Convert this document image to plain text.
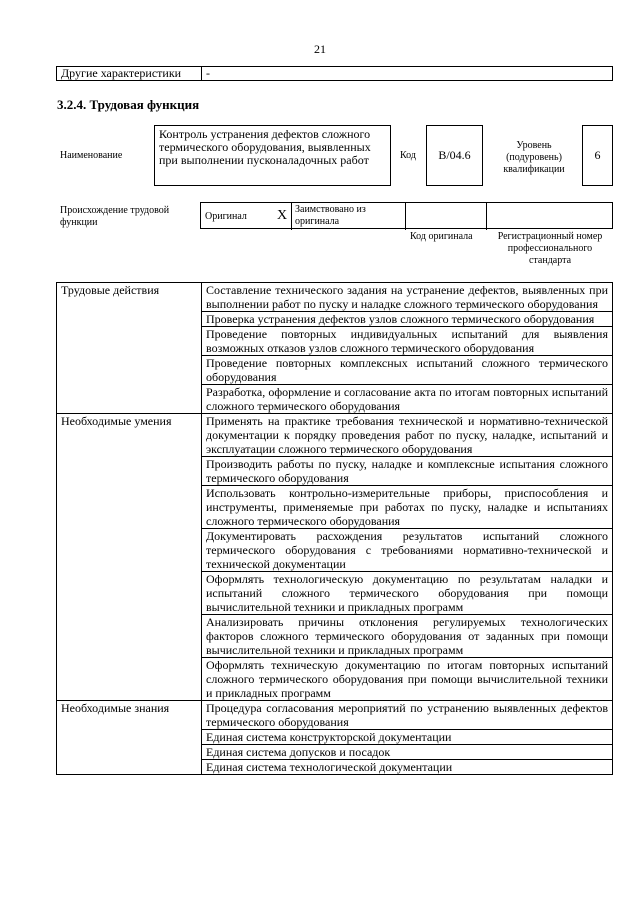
21
Другие характеристики	-
3.2.4. Трудовая функция
Наименование
Контроль устранения дефектов сложного термического оборудования, выявленных при выполнении пусконаладочных работ	Код В/04.6
Уровень (подуровень) квалификации
6
Происхождение трудовой функции
Оригинал X Заимствовано из оригинала
Код оригинала	Регистрационный номер профессионального стандарта
Трудовые действия	Составление технического задания на устранение дефектов, выявленных при выполнении работ по пуску и наладке сложного термического оборудования
	Проверка устранения дефектов узлов сложного термического оборудования
	Проведение повторных индивидуальных испытаний для выявления возможных отказов узлов сложного термического оборудования
	Проведение повторных комплексных испытаний сложного термического оборудования
	Разработка, оформление и согласование акта по итогам повторных испытаний сложного термического оборудования
Необходимые умения	Применять на практике требования технической и нормативно-технической документации к порядку проведения работ по пуску, наладке, испытаний и эксплуатации сложного термического оборудования
	Производить работы по пуску, наладке и комплексные испытания сложного термического оборудования
	Использовать контрольно-измерительные приборы, приспособления и инструменты, применяемые при работах по пуску, наладке и испытаниях сложного термического оборудования
	Документировать расхождения результатов испытаний сложного термического оборудования с требованиями нормативно-технической и технической документации
	Оформлять технологическую документацию по результатам наладки и испытаний сложного термического оборудования при помощи вычислительной техники и прикладных программ
	Анализировать причины отклонения регулируемых технологических факторов сложного термического оборудования от заданных при помощи вычислительной техники и прикладных программ
	Оформлять техническую документацию по итогам повторных испытаний сложного термического оборудования при помощи вычислительной техники и прикладных программ
Необходимые знания	Процедура согласования мероприятий по устранению выявленных дефектов термического оборудования
	Единая система конструкторской документации
	Единая система допусков и посадок
	Единая система технологической документации
